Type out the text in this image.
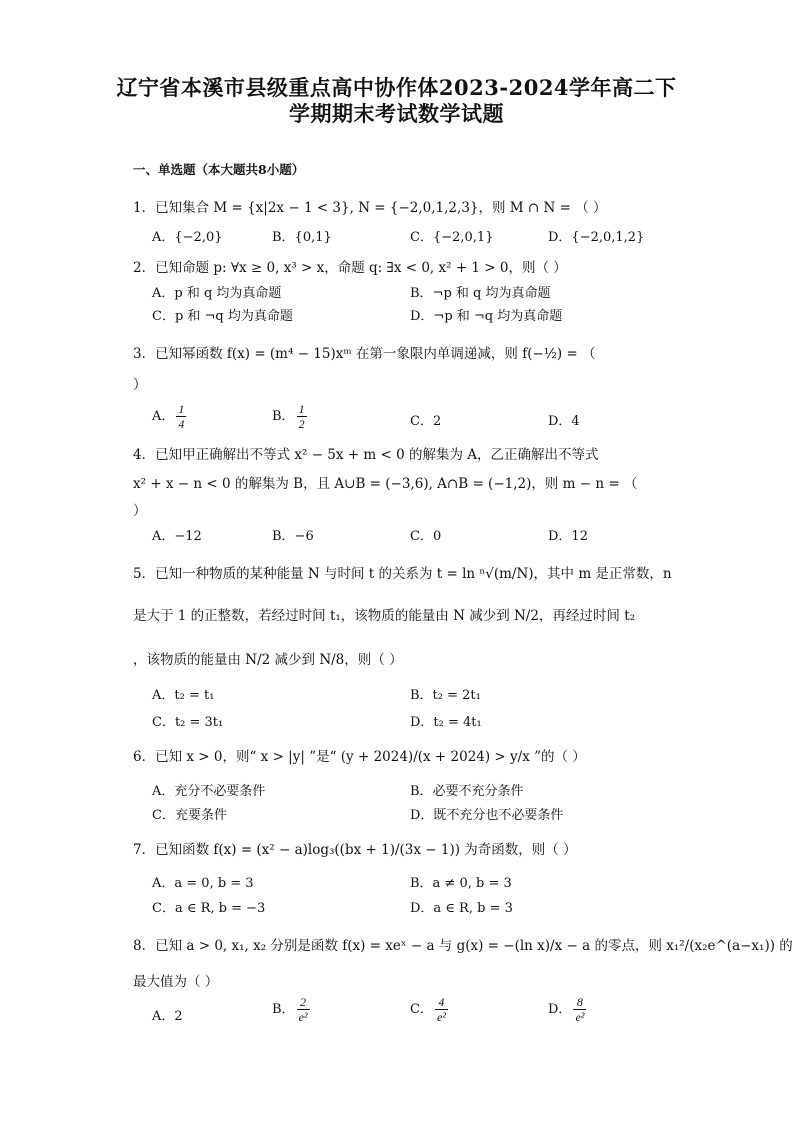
辽宁省本溪市县级重点高中协作体2023-2024学年高二下
学期期末考试数学试题
一、单选题（本大题共8小题）
1．已知集合 M = {x|2x − 1 < 3}, N = {−2,0,1,2,3}，则 M ∩ N = （ ）
A．{−2,0}	B．{0,1}	C．{−2,0,1}	D．{−2,0,1,2}
2．已知命题 p: ∀x ≥ 0, x³ > x，命题 q: ∃x < 0, x² + 1 > 0，则（ ）
A．p 和 q 均为真命题	B．¬p 和 q 均为真命题
C．p 和 ¬q 均为真命题	D．¬p 和 ¬q 均为真命题
3．已知幂函数 f(x) = (m⁴ − 15)xᵐ 在第一象限内单调递减，则 f(−½) = （
）
A． $\frac{1}{4}$	B． $\frac{1}{2}$	C．2	D．4
4．已知甲正确解出不等式 x² − 5x + m < 0 的解集为 A，乙正确解出不等式
x² + x − n < 0 的解集为 B，且 A∪B = (−3,6), A∩B = (−1,2)，则 m − n = （
）
A．−12	B．−6	C．0	D．12
5．已知一种物质的某种能量 N 与时间 t 的关系为 t = ln ⁿ√(m/N)，其中 m 是正常数，n
是大于 1 的正整数，若经过时间 t₁，该物质的能量由 N 减少到 N/2，再经过时间 t₂
，该物质的能量由 N/2 减少到 N/8，则（ ）
A．t₂ = t₁	B．t₂ = 2t₁
C．t₂ = 3t₁	D．t₂ = 4t₁
6．已知 x > 0，则“ x > |y| ”是“ (y + 2024)/(x + 2024) > y/x ”的（ ）
A．充分不必要条件	B．必要不充分条件
C．充要条件	D．既不充分也不必要条件
7．已知函数 f(x) = (x² − a)log₃((bx + 1)/(3x − 1)) 为奇函数，则（ ）
A．a = 0, b = 3	B．a ≠ 0, b = 3
C．a ∈ R, b = −3	D．a ∈ R, b = 3
8．已知 a > 0, x₁, x₂ 分别是函数 f(x) = xeˣ − a 与 g(x) = −(ln x)/x − a 的零点，则 x₁²/(x₂e^(a−x₁)) 的
最大值为（ ）
A．2	B． $\frac{2}{\text{e²}}$	C． $\frac{4}{\text{e²}}$	D． $\frac{8}{\text{e²}}$
